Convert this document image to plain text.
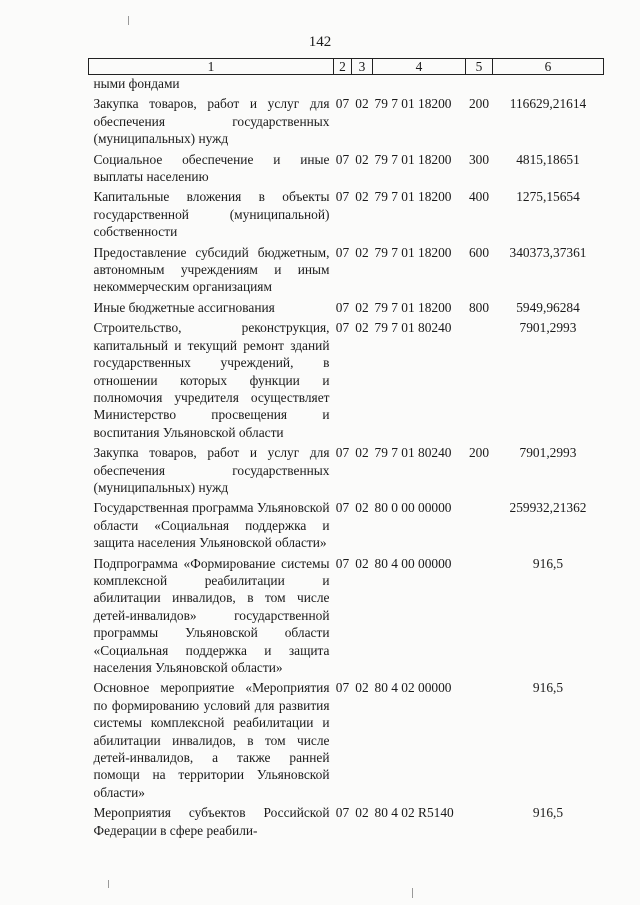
142
1	2	3	4	5	6
ными фондами					
Закупка товаров, работ и услуг для обеспечения государственных (муниципальных) нужд	07	02	79 7 01 18200	200	116629,21614
Социальное обеспечение и иные выплаты населению	07	02	79 7 01 18200	300	4815,18651
Капитальные вложения в объекты государственной (муниципальной) собственности	07	02	79 7 01 18200	400	1275,15654
Предоставление субсидий бюджетным, автономным учреждениям и иным некоммерческим организациям	07	02	79 7 01 18200	600	340373,37361
Иные бюджетные ассигнования	07	02	79 7 01 18200	800	5949,96284
Строительство, реконструкция, капитальный и текущий ремонт зданий государственных учреждений, в отношении которых функции и полномочия учредителя осуществляет Министерство просвещения и воспитания Ульяновской области	07	02	79 7 01 80240		7901,2993
Закупка товаров, работ и услуг для обеспечения государственных (муниципальных) нужд	07	02	79 7 01 80240	200	7901,2993
Государственная программа Ульяновской области «Социальная поддержка и защита населения Ульяновской области»	07	02	80 0 00 00000		259932,21362
Подпрограмма «Формирование системы комплексной реабилитации и абилитации инвалидов, в том числе детей-инвалидов» государственной программы Ульяновской области «Социальная поддержка и защита населения Ульяновской области»	07	02	80 4 00 00000		916,5
Основное мероприятие «Мероприятия по формированию условий для развития системы комплексной реабилитации и абилитации инвалидов, в том числе детей-инвалидов, а также ранней помощи на территории Ульяновской области»	07	02	80 4 02 00000		916,5
Мероприятия субъектов Российской Федерации в сфере реабили-	07	02	80 4 02 R5140		916,5
